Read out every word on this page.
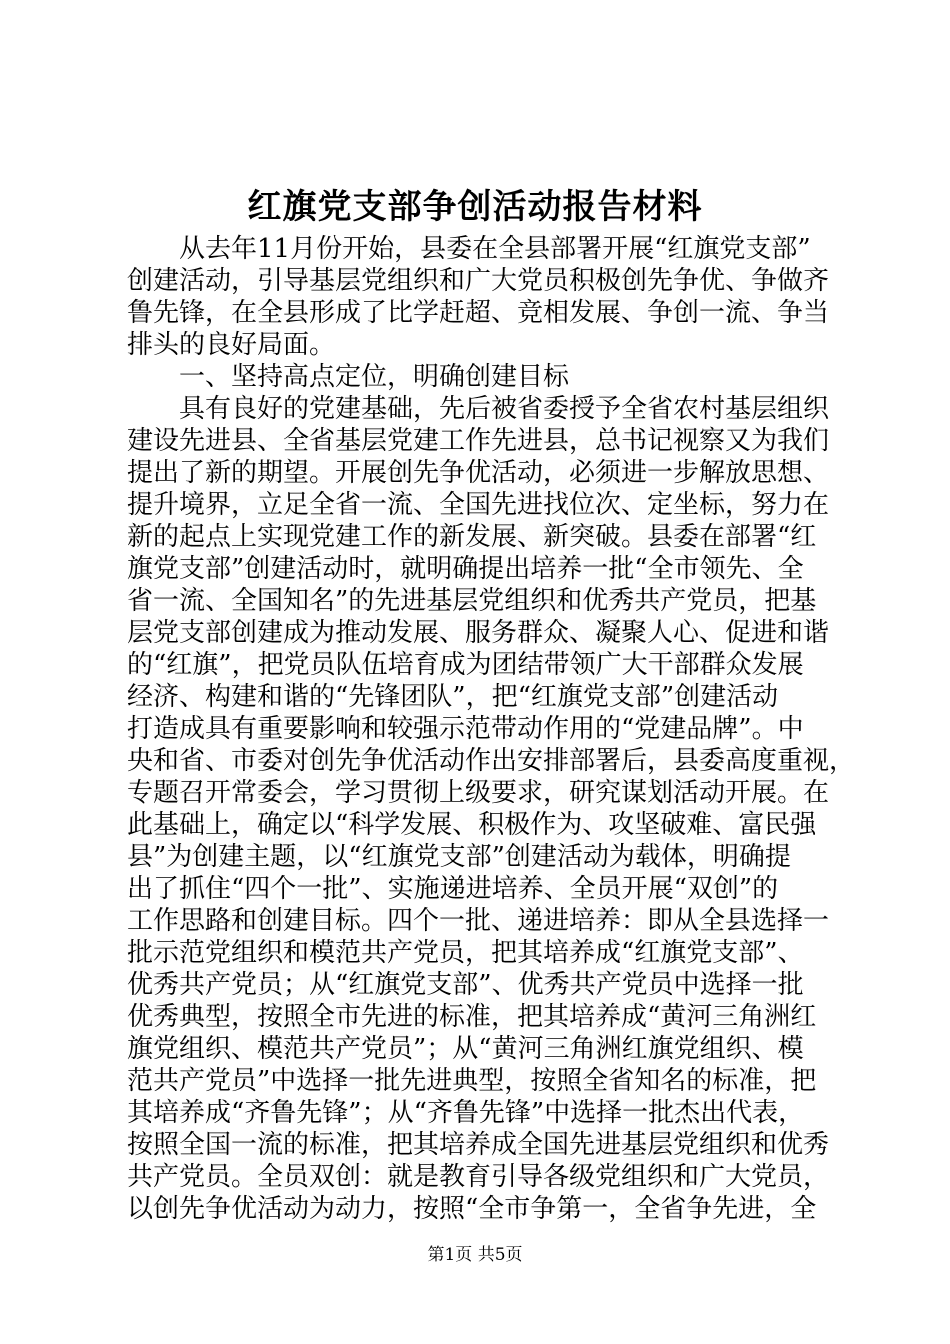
红旗党支部争创活动报告材料
　　从去年11月份开始，县委在全县部署开展“红旗党支部”
创建活动，引导基层党组织和广大党员积极创先争优、争做齐
鲁先锋，在全县形成了比学赶超、竞相发展、争创一流、争当
排头的良好局面。
　　一、坚持高点定位，明确创建目标
　　具有良好的党建基础，先后被省委授予全省农村基层组织
建设先进县、全省基层党建工作先进县，总书记视察又为我们
提出了新的期望。开展创先争优活动，必须进一步解放思想、
提升境界，立足全省一流、全国先进找位次、定坐标，努力在
新的起点上实现党建工作的新发展、新突破。县委在部署“红
旗党支部”创建活动时，就明确提出培养一批“全市领先、全
省一流、全国知名”的先进基层党组织和优秀共产党员，把基
层党支部创建成为推动发展、服务群众、凝聚人心、促进和谐
的“红旗”，把党员队伍培育成为团结带领广大干部群众发展
经济、构建和谐的“先锋团队”，把“红旗党支部”创建活动
打造成具有重要影响和较强示范带动作用的“党建品牌”。中
央和省、市委对创先争优活动作出安排部署后，县委高度重视，
专题召开常委会，学习贯彻上级要求，研究谋划活动开展。在
此基础上，确定以“科学发展、积极作为、攻坚破难、富民强
县”为创建主题，以“红旗党支部”创建活动为载体，明确提
出了抓住“四个一批”、实施递进培养、全员开展“双创”的
工作思路和创建目标。四个一批、递进培养：即从全县选择一
批示范党组织和模范共产党员，把其培养成“红旗党支部”、
优秀共产党员；从“红旗党支部”、优秀共产党员中选择一批
优秀典型，按照全市先进的标准，把其培养成“黄河三角洲红
旗党组织、模范共产党员”；从“黄河三角洲红旗党组织、模
范共产党员”中选择一批先进典型，按照全省知名的标准，把
其培养成“齐鲁先锋”；从“齐鲁先锋”中选择一批杰出代表，
按照全国一流的标准，把其培养成全国先进基层党组织和优秀
共产党员。全员双创：就是教育引导各级党组织和广大党员，
以创先争优活动为动力，按照“全市争第一，全省争先进，全
第1页 共5页
